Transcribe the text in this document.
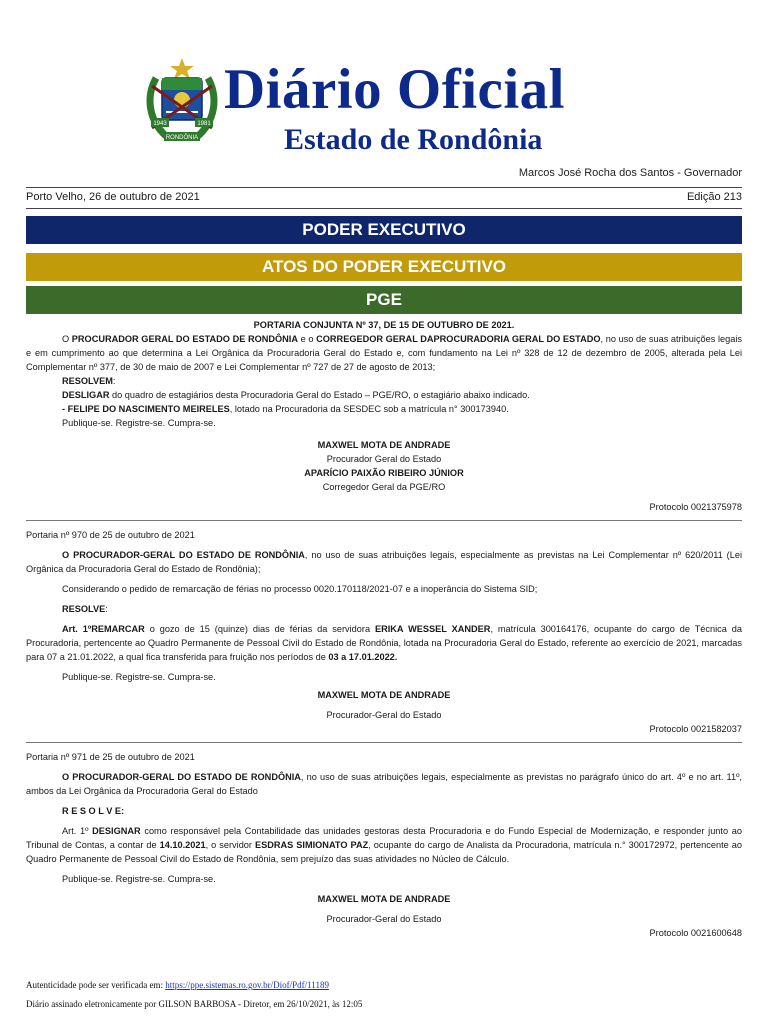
1943	1981
RONDÔNIA
Diário Oficial
Estado de Rondônia
Marcos José Rocha dos Santos - Governador
Porto Velho, 26 de outubro de 2021	Edição 213
PODER EXECUTIVO
ATOS DO PODER EXECUTIVO
PGE

PORTARIA CONJUNTA Nº 37, DE 15 DE OUTUBRO DE 2021.

O PROCURADOR GERAL DO ESTADO DE RONDÔNIA e o CORREGEDOR GERAL DAPROCURADORIA GERAL DO ESTADO, no uso de suas atribuições legais e em cumprimento ao que determina a Lei Orgânica da Procuradoria Geral do Estado e, com fundamento na Lei nº 328 de 12 de dezembro de 2005, alterada pela Lei Complementar nº 377, de 30 de maio de 2007 e Lei Complementar nº 727 de 27 de agosto de 2013;

RESOLVEM:

DESLIGAR do quadro de estagiários desta Procuradoria Geral do Estado – PGE/RO, o estagiário abaixo indicado.

- FELIPE DO NASCIMENTO MEIRELES, lotado na Procuradoria da SESDEC sob a matrícula n° 300173940.

Publique-se. Registre-se. Cumpra-se.

MAXWEL MOTA DE ANDRADE

Procurador Geral do Estado

APARÍCIO PAIXÃO RIBEIRO JÚNIOR

Corregedor Geral da PGE/RO

Protocolo 0021375978

Portaria nº 970 de 25 de outubro de 2021

O PROCURADOR-GERAL DO ESTADO DE RONDÔNIA, no uso de suas atribuições legais, especialmente as previstas na Lei Complementar nº 620/2011 (Lei Orgânica da Procuradoria Geral do Estado de Rondônia);

Considerando o pedido de remarcação de férias no processo 0020.170118/2021-07 e a inoperância do Sistema SID;

RESOLVE:

Art. 1ºREMARCAR o gozo de 15 (quinze) dias de férias da servidora ERIKA WESSEL XANDER, matrícula 300164176, ocupante do cargo de Técnica da Procuradoria, pertencente ao Quadro Permanente de Pessoal Civil do Estado de Rondônia, lotada na Procuradoria Geral do Estado, referente ao exercício de 2021, marcadas para 07 a 21.01.2022, a qual fica transferida para fruição nos períodos de 03 a 17.01.2022.

Publique-se. Registre-se. Cumpra-se.

MAXWEL MOTA DE ANDRADE

Procurador-Geral do Estado

Protocolo 0021582037

Portaria nº 971 de 25 de outubro de 2021

O PROCURADOR-GERAL DO ESTADO DE RONDÔNIA, no uso de suas atribuições legais, especialmente as previstas no parágrafo único do art. 4º e no art. 11º, ambos da Lei Orgânica da Procuradoria Geral do Estado

R E S O L V E:

Art. 1º DESIGNAR como responsável pela Contabilidade das unidades gestoras desta Procuradoria e do Fundo Especial de Modernização, e responder junto ao Tribunal de Contas, a contar de 14.10.2021, o servidor ESDRAS SIMIONATO PAZ, ocupante do cargo de Analista da Procuradoria, matrícula n.° 300172972, pertencente ao Quadro Permanente de Pessoal Civil do Estado de Rondônia, sem prejuízo das suas atividades no Núcleo de Cálculo.

Publique-se. Registre-se. Cumpra-se.

MAXWEL MOTA DE ANDRADE

Procurador-Geral do Estado

Protocolo 0021600648

Autenticidade pode ser verificada em: https://ppe.sistemas.ro.gov.br/Diof/Pdf/11189
Diário assinado eletronicamente por GILSON BARBOSA - Diretor, em 26/10/2021, às 12:05
